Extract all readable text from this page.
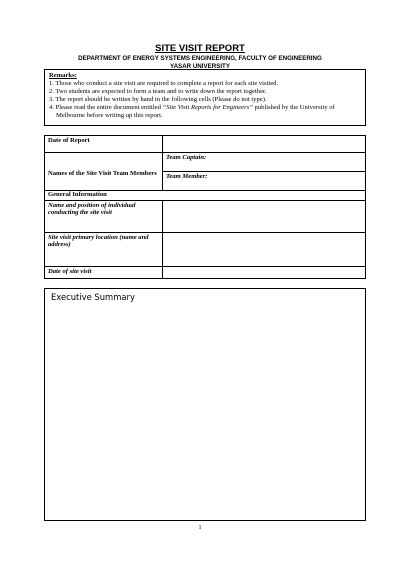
SITE VISIT REPORT
DEPARTMENT OF ENERGY SYSTEMS ENGINEERING, FACULTY OF ENGINEERING
YASAR UNIVERSITY
Remarks:
1. Those who conduct a site visit are required to complete a report for each site visited.
2. Two students are expected to form a team and to write down the report together.
3. The report should be written by hand in the following cells (Please do not type).
4. Please read the entire document entitled “Site Visit Reports for Engineers” published by the University of Melbourne before writing up this report.
Date of Report	
Names of the Site Visit Team Members	Team Captain:
	Team Member:
General Information	
Name and position of individual conducting the site visit	
Site visit primary location (name and address)	
Date of site visit	
Executive Summary
1
